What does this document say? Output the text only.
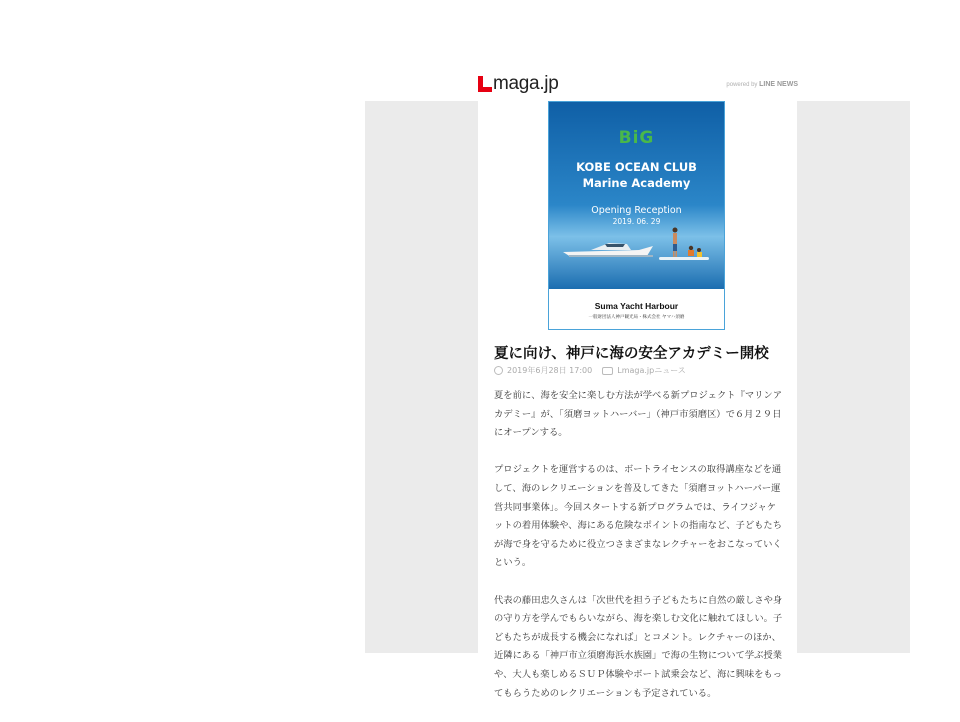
maga.jp	powered by LINE NEWS
BiG
KOBE OCEAN CLUB
Marine Academy
Opening Reception
2019. 06. 29
Suma Yacht Harbour
一般財団法人神戸観光局・株式会社 ヤマハ須磨
夏に向け、神戸に海の安全アカデミー開校
2019年6月28日 17:00	Lmaga.jpニュース

夏を前に、海を安全に楽しむ方法が学べる新プロジェクト『マリンアカデミー』が、「須磨ヨットハーバー」（神戸市須磨区）で６月２９日にオープンする。

プロジェクトを運営するのは、ボートライセンスの取得講座などを通して、海のレクリエーションを普及してきた「須磨ヨットハーバー運営共同事業体」。今回スタートする新プログラムでは、ライフジャケットの着用体験や、海にある危険なポイントの指南など、子どもたちが海で身を守るために役立つさまざまなレクチャーをおこなっていくという。

代表の藤田忠久さんは「次世代を担う子どもたちに自然の厳しさや身の守り方を学んでもらいながら、海を楽しむ文化に触れてほしい。子どもたちが成長する機会になれば」とコメント。レクチャーのほか、近隣にある「神戸市立須磨海浜水族園」で海の生物について学ぶ授業や、大人も楽しめるＳＵＰ体験やボート試乗会など、海に興味をもってもらうためのレクリエーションも予定されている。
